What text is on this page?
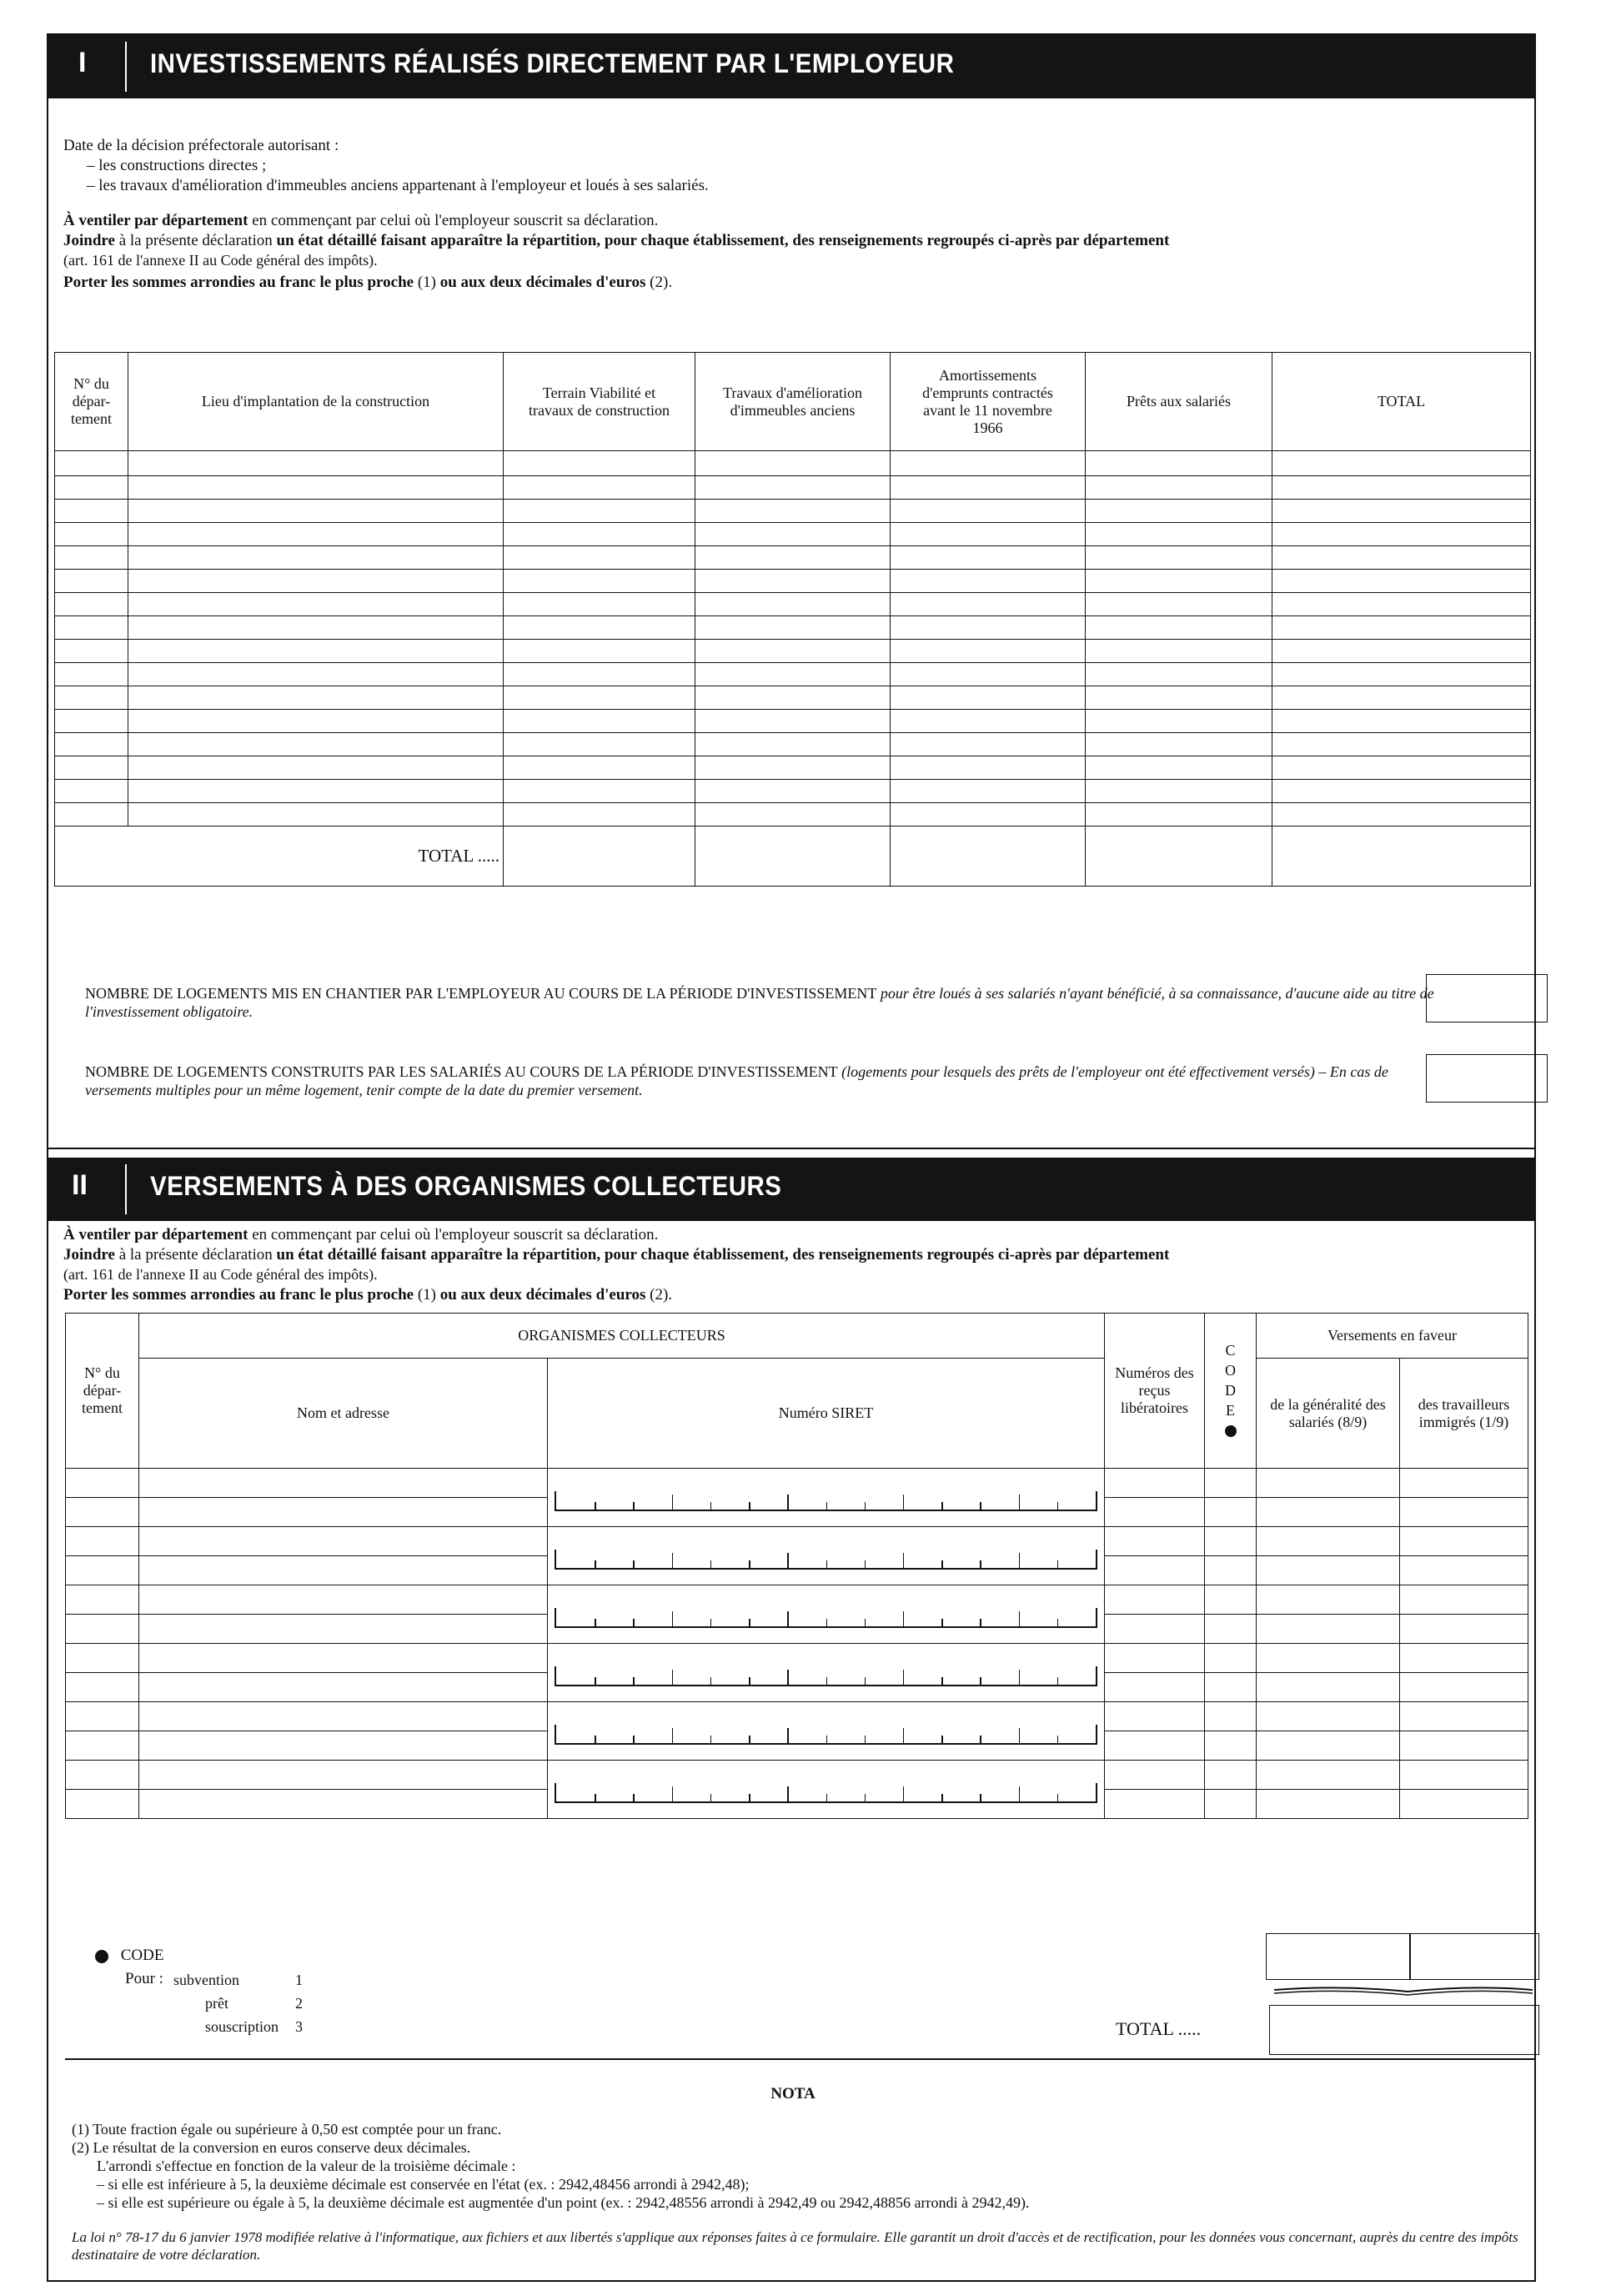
I INVESTISSEMENTS RÉALISÉS DIRECTEMENT PAR L'EMPLOYEUR
Date de la décision préfectorale autorisant :
– les constructions directes ;
– les travaux d'amélioration d'immeubles anciens appartenant à l'employeur et loués à ses salariés.
À ventiler par département en commençant par celui où l'employeur souscrit sa déclaration.
Joindre à la présente déclaration un état détaillé faisant apparaître la répartition, pour chaque établissement, des renseignements regroupés ci-après par département
(art. 161 de l'annexe II au Code général des impôts).
Porter les sommes arrondies au franc le plus proche (1) ou aux deux décimales d'euros (2).
N° du dépar-tement	Lieu d'implantation de la construction	Terrain Viabilité et travaux de construction	Travaux d'amélioration d'immeubles anciens	Amortissements d'emprunts contractés avant le 11 novembre 1966	Prêts aux salariés	TOTAL

TOTAL .....						
NOMBRE DE LOGEMENTS MIS EN CHANTIER PAR L'EMPLOYEUR AU COURS DE LA PÉRIODE D'INVESTISSEMENT pour être loués à ses salariés n'ayant bénéficié, à sa connaissance, d'aucune aide au titre de l'investissement obligatoire.
NOMBRE DE LOGEMENTS CONSTRUITS PAR LES SALARIÉS AU COURS DE LA PÉRIODE D'INVESTISSEMENT (logements pour lesquels des prêts de l'employeur ont été effectivement versés) – En cas de versements multiples pour un même logement, tenir compte de la date du premier versement.
II VERSEMENTS À DES ORGANISMES COLLECTEURS
À ventiler par département en commençant par celui où l'employeur souscrit sa déclaration.
Joindre à la présente déclaration un état détaillé faisant apparaître la répartition, pour chaque établissement, des renseignements regroupés ci-après par département
(art. 161 de l'annexe II au Code général des impôts).
Porter les sommes arrondies au franc le plus proche (1) ou aux deux décimales d'euros (2).
N° du dépar-tement	ORGANISMES COLLECTEURS		Numéros des reçus libératoires	C O D E	Versements en faveur	
	Nom et adresse	Numéro SIRET			de la généralité des salariés (8/9)	des travailleurs immigrés (1/9)

CODE
Pour : subvention	1
prêt	2
souscription 3	TOTAL .....
NOTA
(1) Toute fraction égale ou supérieure à 0,50 est comptée pour un franc.
(2) Le résultat de la conversion en euros conserve deux décimales.
L'arrondi s'effectue en fonction de la valeur de la troisième décimale :
– si elle est inférieure à 5, la deuxième décimale est conservée en l'état (ex. : 2942,48456 arrondi à 2942,48);
– si elle est supérieure ou égale à 5, la deuxième décimale est augmentée d'un point (ex. : 2942,48556 arrondi à 2942,49 ou 2942,48856 arrondi à 2942,49).
La loi n° 78-17 du 6 janvier 1978 modifiée relative à l'informatique, aux fichiers et aux libertés s'applique aux réponses faites à ce formulaire. Elle garantit un droit d'accès et de rectification, pour les données vous concernant, auprès du centre des impôts destinataire de votre déclaration.
